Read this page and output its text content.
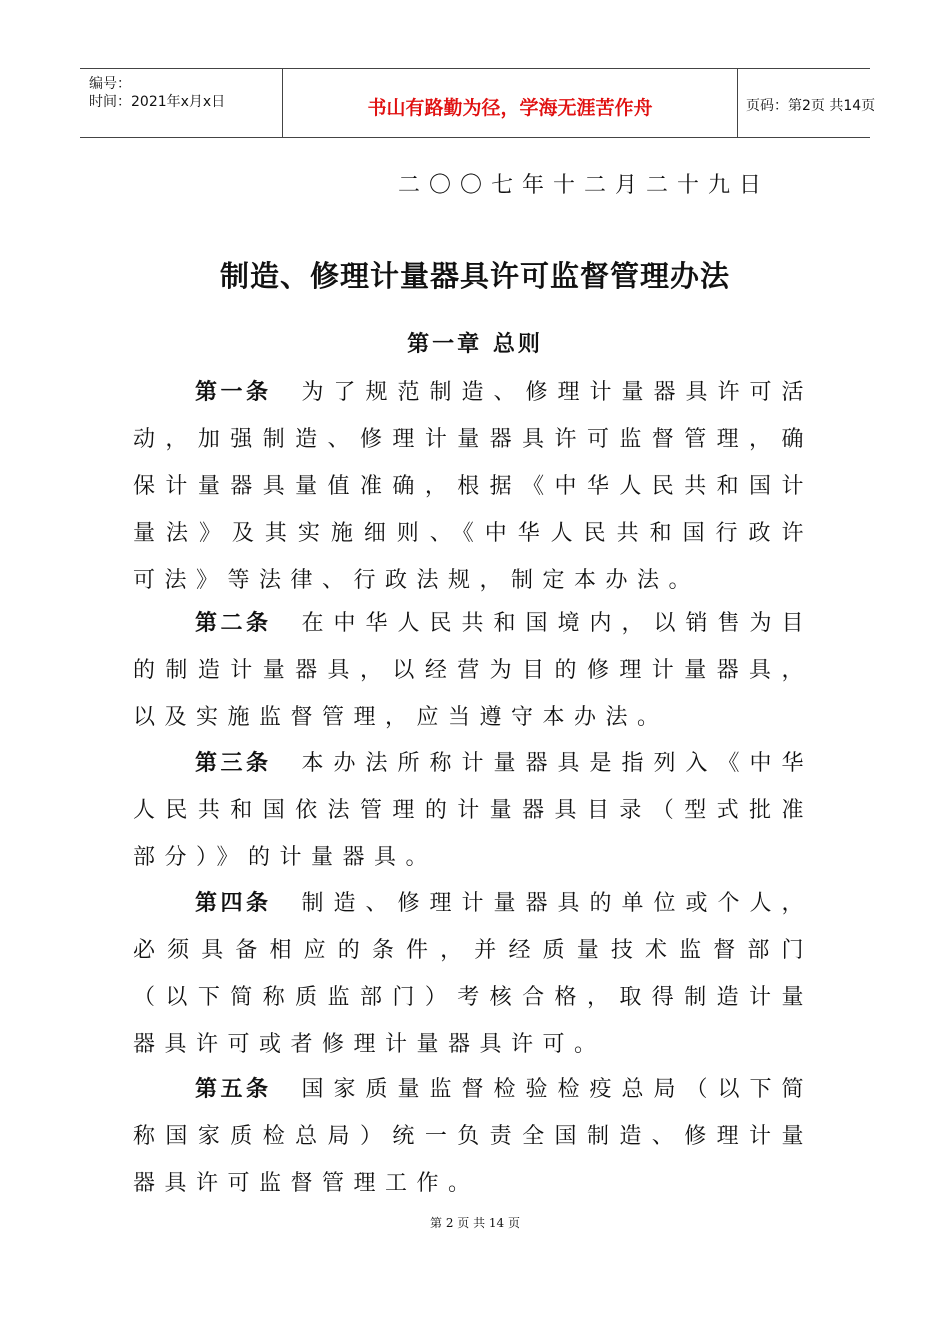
编号：
时间：2021年x月x日	书山有路勤为径，学海无涯苦作舟	页码：第2页 共14页
二〇〇七年十二月二十九日
制造、修理计量器具许可监督管理办法
第一章 总则

第一条 为了规范制造、修理计量器具许可活动，加强制造、修理计量器具许可监督管理，确保计量器具量值准确，根据《中华人民共和国计量法》及其实施细则、《中华人民共和国行政许可法》等法律、行政法规，制定本办法。

第二条 在中华人民共和国境内，以销售为目的制造计量器具，以经营为目的修理计量器具，以及实施监督管理，应当遵守本办法。

第三条 本办法所称计量器具是指列入《中华人民共和国依法管理的计量器具目录（型式批准部分）》的计量器具。

第四条 制造、修理计量器具的单位或个人，必须具备相应的条件，并经质量技术监督部门（以下简称质监部门）考核合格，取得制造计量器具许可或者修理计量器具许可。

第五条 国家质量监督检验检疫总局（以下简称国家质检总局）统一负责全国制造、修理计量器具许可监督管理工作。

第 2 页 共 14 页
